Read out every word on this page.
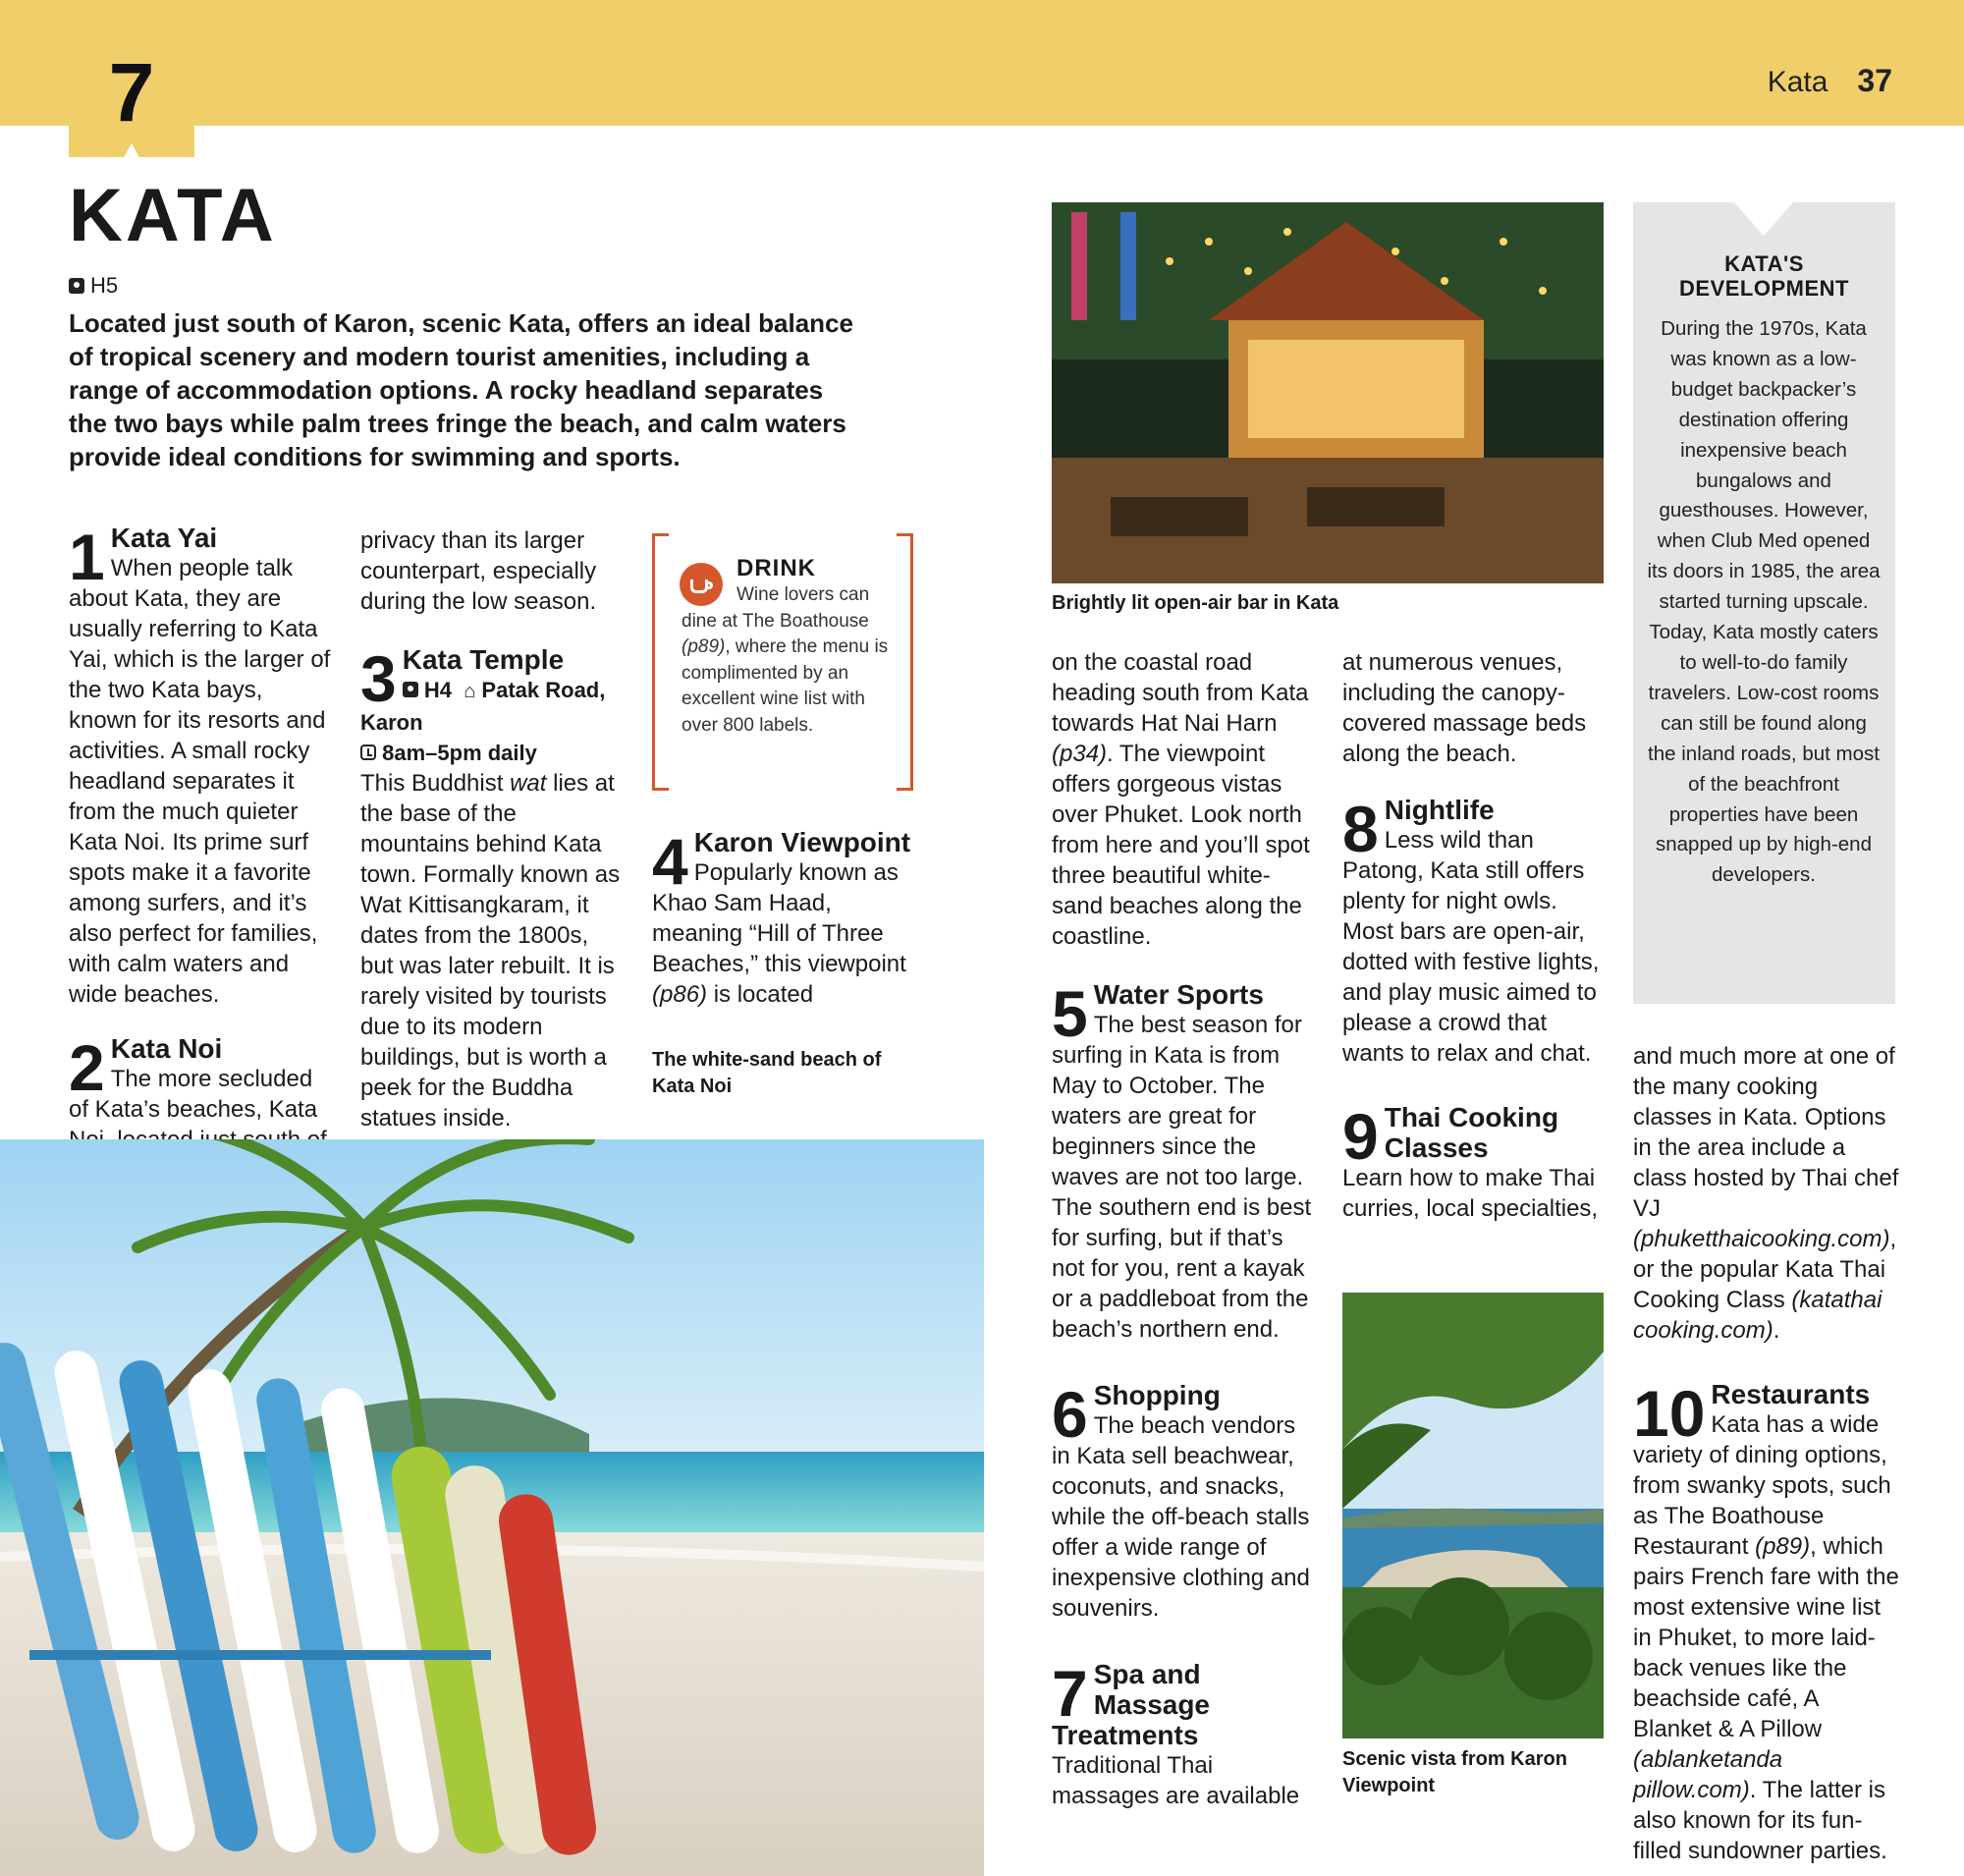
7	Kata 37
KATA
H5
Located just south of Karon, scenic Kata, offers an ideal balance of tropical scenery and modern tourist amenities, including a range of accommodation options. A rocky headland separates the two bays while palm trees fringe the beach, and calm waters provide ideal conditions for swimming and sports.
1 Kata Yai

When people talk about Kata, they are usually referring to Kata Yai, which is the larger of the two Kata bays, known for its resorts and activities. A small rocky headland separates it from the much quieter Kata Noi. Its prime surf spots make it a favorite among surfers, and it’s also perfect for families, with calm waters and wide beaches.

2 Kata Noi

The more secluded of Kata’s beaches, Kata

privacy than its larger counterpart, especially during the low season.

3 Kata Temple
H4 ⌂ Patak Road, Karon
8am–5pm daily

This Buddhist wat lies at the base of the mountains behind Kata town. Formally known as Wat Kittisangkaram, it dates from the 1800s, but was later rebuilt. It is rarely visited by tourists due to its modern buildings, but is worth a peek for the Buddha statues inside.

DRINK
Wine lovers can dine at The Boathouse (p89), where the menu is complimented by an excellent wine list with over 800 labels.
4 Karon Viewpoint

Popularly known as Khao Sam Haad, meaning “Hill of Three Beaches,” this viewpoint (p86) is located

The white-sand beach of Kata Noi
Brightly lit open-air bar in Kata

on the coastal road heading south from Kata towards Hat Nai Harn (p34). The viewpoint offers gorgeous vistas over Phuket. Look north from here and you’ll spot three beautiful white-sand beaches along the coastline.

5 Water Sports

The best season for surfing in Kata is from May to October. The waters are great for beginners since the waves are not too large. The southern end is best for surfing, but if that’s not for you, rent a kayak or a paddleboat from the beach’s northern end.

6 Shopping

The beach vendors in Kata sell beachwear, coconuts, and snacks, while the off-beach stalls offer a wide range of inexpensive clothing and souvenirs.

7 Spa and Massage Treatments

Traditional Thai massages are available

at numerous venues, including the canopy-covered massage beds along the beach.

8 Nightlife

Less wild than Patong, Kata still offers plenty for night owls. Most bars are open-air, dotted with festive lights, and play music aimed to please a crowd that wants to relax and chat.

9 Thai Cooking Classes

Learn how to make Thai curries, local specialties,

Scenic vista from Karon Viewpoint
KATA'S
DEVELOPMENT
During the 1970s, Kata was known as a low-budget backpacker’s destination offering inexpensive beach bungalows and guesthouses. However, when Club Med opened its doors in 1985, the area started turning upscale. Today, Kata mostly caters to well-to-do family travelers. Low-cost rooms can still be found along the inland roads, but most of the beachfront properties have been snapped up by high-end developers.

and much more at one of the many cooking classes in Kata. Options in the area include a class hosted by Thai chef VJ (phuketthaicooking.com), or the popular Kata Thai Cooking Class (katathai cooking.com).

10 Restaurants

Kata has a wide variety of dining options, from swanky spots, such as The Boathouse Restaurant (p89), which pairs French fare with the most extensive wine list in Phuket, to more laid-back venues like the beachside café, A Blanket & A Pillow (ablanketanda pillow.com). The latter is also known for its fun-filled sundowner parties.
